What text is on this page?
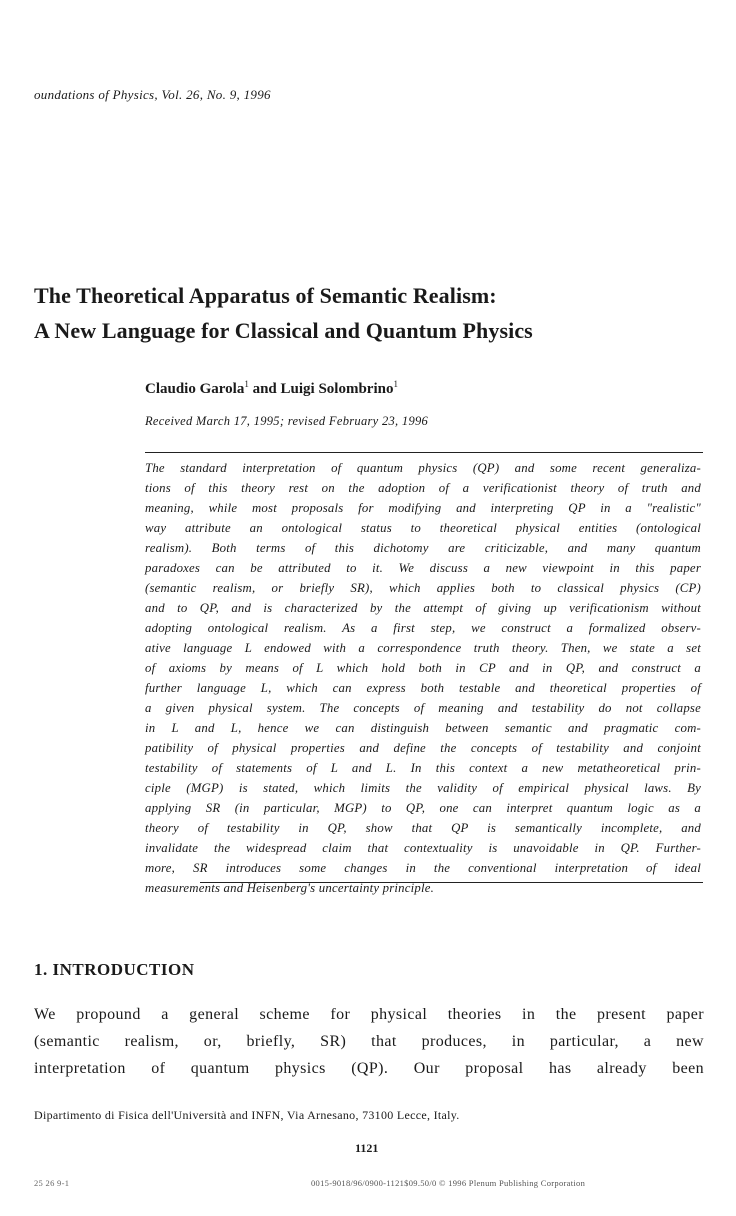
oundations of Physics, Vol. 26, No. 9, 1996
The Theoretical Apparatus of Semantic Realism:
A New Language for Classical and Quantum Physics
Claudio Garola$^1$ and Luigi Solombrino$^1$
Received March 17, 1995; revised February 23, 1996
The standard interpretation of quantum physics (QP) and some recent generaliza-
tions of this theory rest on the adoption of a verificationist theory of truth and
meaning, while most proposals for modifying and interpreting QP in a "realistic"
way attribute an ontological status to theoretical physical entities (ontological
realism). Both terms of this dichotomy are criticizable, and many quantum
paradoxes can be attributed to it. We discuss a new viewpoint in this paper
(semantic realism, or briefly SR), which applies both to classical physics (CP)
and to QP, and is characterized by the attempt of giving up verificationism without
adopting ontological realism. As a first step, we construct a formalized observ-
ative language L endowed with a correspondence truth theory. Then, we state a set
of axioms by means of L which hold both in CP and in QP, and construct a
further language L, which can express both testable and theoretical properties of
a given physical system. The concepts of meaning and testability do not collapse
in L and L, hence we can distinguish between semantic and pragmatic com-
patibility of physical properties and define the concepts of testability and conjoint
testability of statements of L and L. In this context a new metatheoretical prin-
ciple (MGP) is stated, which limits the validity of empirical physical laws. By
applying SR (in particular, MGP) to QP, one can interpret quantum logic as a
theory of testability in QP, show that QP is semantically incomplete, and
invalidate the widespread claim that contextuality is unavoidable in QP. Further-
more, SR introduces some changes in the conventional interpretation of ideal
measurements and Heisenberg's uncertainty principle.
1. INTRODUCTION
We propound a general scheme for physical theories in the present paper
(semantic realism, or, briefly, SR) that produces, in particular, a new
interpretation of quantum physics (QP). Our proposal has already been
Dipartimento di Fisica dell'Università and INFN, Via Arnesano, 73100 Lecce, Italy.
1121
25 26 9-1	0015-9018/96/0900-1121$09.50/0 © 1996 Plenum Publishing Corporation
